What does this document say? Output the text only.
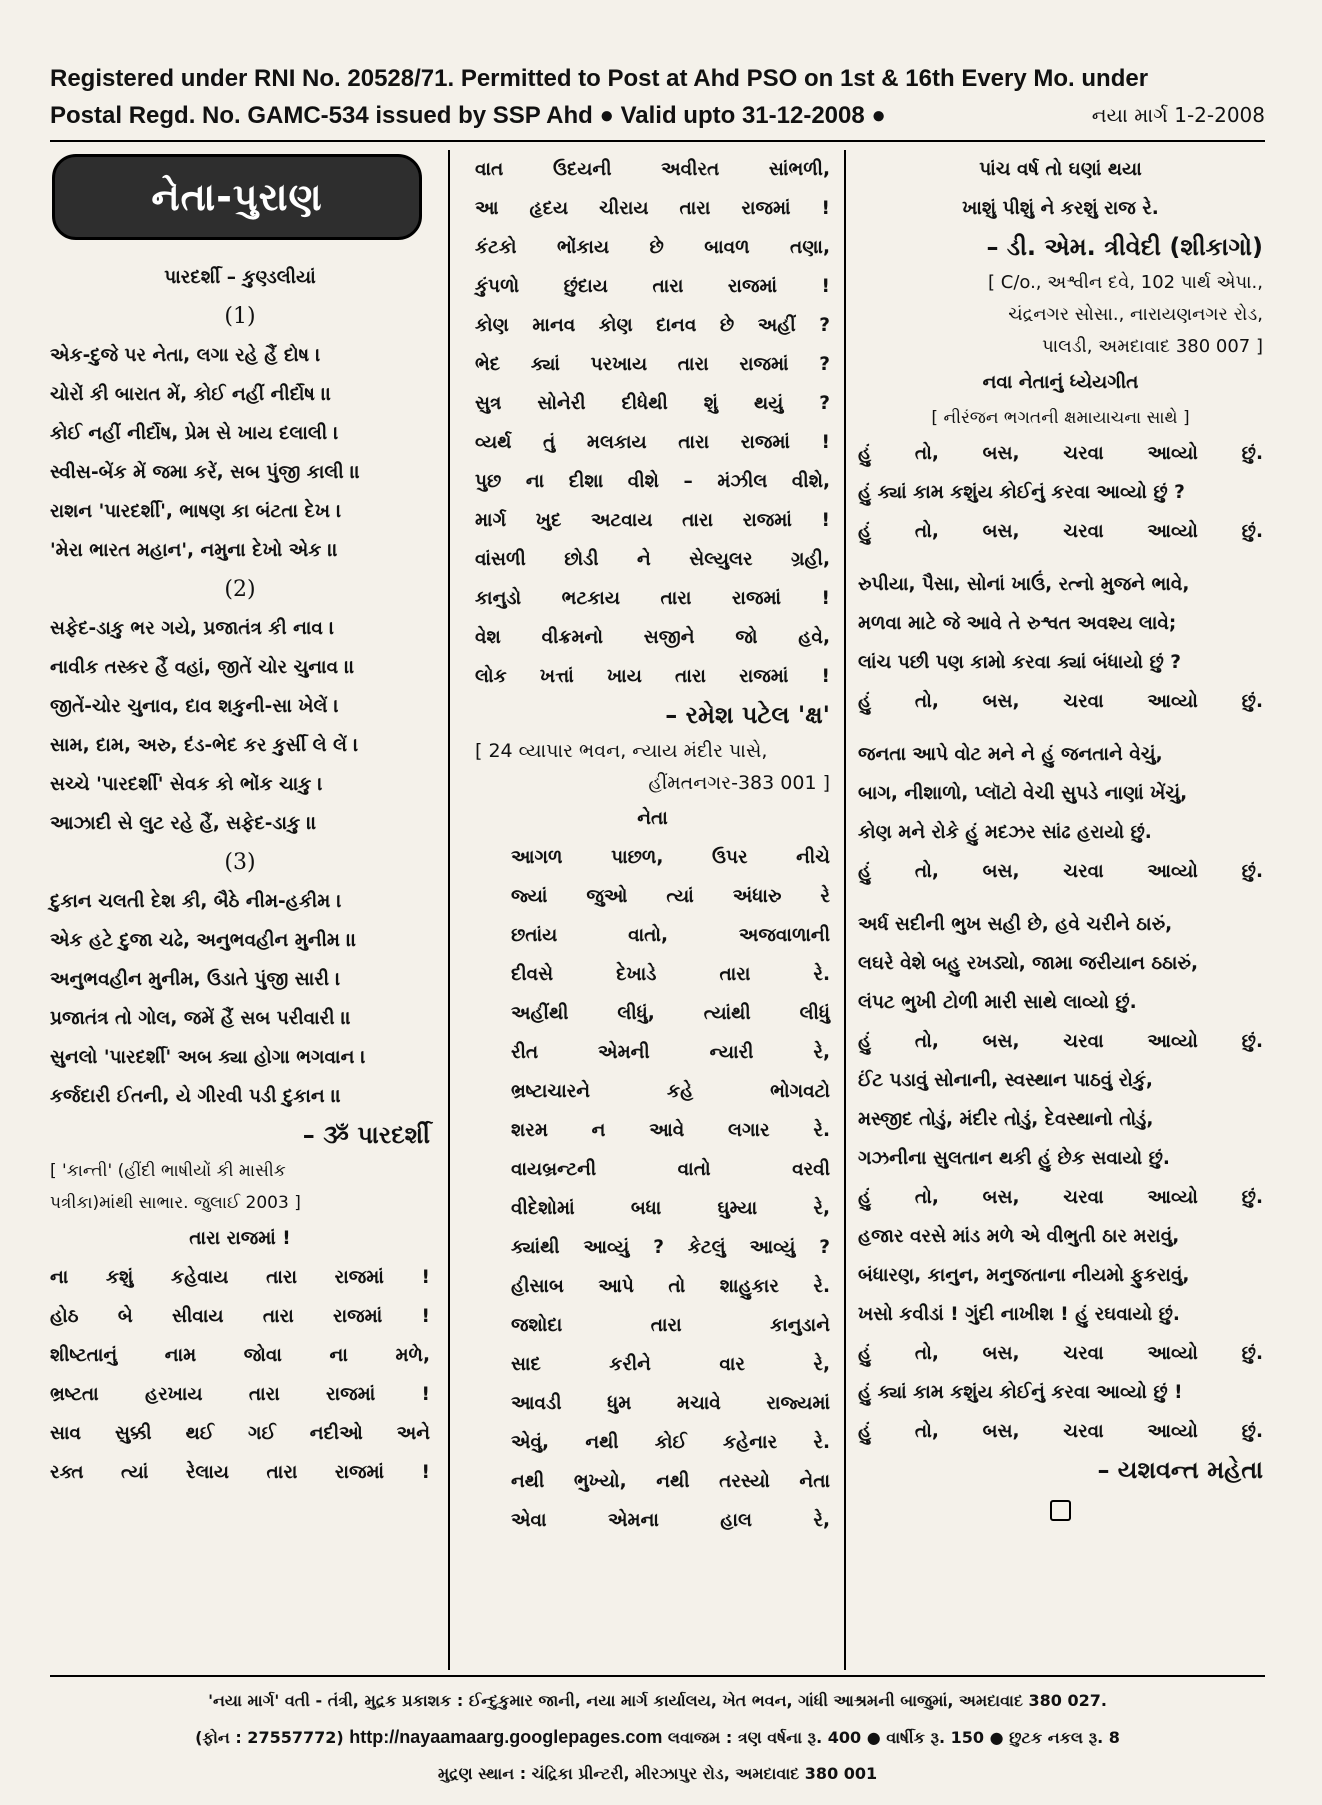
Registered under RNI No. 20528/71. Permitted to Post at Ahd PSO on 1st & 16th Every Mo. under
Postal Regd. No. GAMC-534 issued by SSP Ahd ● Valid upto 31-12-2008 ●	નયા માર્ગ 1-2-2008
નેતા-પુરાણ

પારદર્શી – કુણ્ડલીયાં

(1)

એક-દુજે પર નેતા, લગા રહે હૈં દોષ ।

ચોરોં કી બારાત મેં, કોઈ નહીં નીર્દોષ ।।

કોઈ નહીં નીર્દોષ, પ્રેમ સે ખાય દલાલી ।

સ્વીસ-બેંક મેં જમા કરેં, સબ પુંજી કાલી ।।

રાશન 'પારદર્શી', ભાષણ કા બંટતા દેખ ।

'મેરા ભારત મહાન', નમુના દેખો એક ।।

(2)

સફેદ-ડાકુ ભર ગયે, પ્રજાતંત્ર કી નાવ ।

નાવીક તસ્કર હૈં વહાં, જીતેં ચોર ચુનાવ ।।

જીતેં-ચોર ચુનાવ, દાવ શકુની-સા ખેલેં ।

સામ, દામ, અરુ, દંડ-ભેદ કર કુર્સી લે લેં ।

સચ્ચે 'પારદર્શી' સેવક કો ભોંક ચાકુ ।

આઝાદી સે લુટ રહે હૈં, સફેદ-ડાકુ ।।

(3)

દુકાન ચલતી દેશ કી, બૈઠે નીમ-હકીમ ।

એક હટે દુજા ચઢે, અનુભવહીન મુનીમ ।।

અનુભવહીન મુનીમ, ઉડાતે પુંજી સારી ।

પ્રજાતંત્ર તો ગોલ, જમેં હૈં સબ પરીવારી ।।

સુનલો 'પારદર્શી' અબ ક્યા હોગા ભગવાન ।

કર્જદારી ઈતની, યે ગીરવી પડી દુકાન ।।

– ૐ પારદર્શી

[ 'કાન્તી' (હીંદી ભાષીયોં કી માસીક

પત્રીકા)માંથી સાભાર. જુલાઈ 2003 ]

તારા રાજમાં !

ના કશું કહેવાય તારા રાજમાં !

હોઠ બે સીવાય તારા રાજમાં !

શીષ્ટતાનું નામ જોવા ના મળે,

ભ્રષ્ટતા હરખાય તારા રાજમાં !

સાવ સુક્કી થઈ ગઈ નદીઓ અને

રક્ત ત્યાં રેલાય તારા રાજમાં !

વાત ઉદયની અવીરત સાંભળી,

આ હૃદય ચીરાય તારા રાજમાં !

કંટકો ભોંકાય છે બાવળ તણા,

કુંપળો છુંદાય તારા રાજમાં !

કોણ માનવ કોણ દાનવ છે અહીં ?

ભેદ ક્યાં પરખાય તારા રાજમાં ?

સુત્ર સોનેરી દીધેથી શું થયું ?

વ્યર્થ તું મલકાય તારા રાજમાં !

પુછ ના દીશા વીશે – મંઝીલ વીશે,

માર્ગ ખુદ અટવાય તારા રાજમાં !

વાંસળી છોડી ને સેલ્યુલર ગ્રહી,

કાનુડો ભટકાય તારા રાજમાં !

વેશ વીક્રમનો સજીને જો હવે,

લોક ખત્તાં ખાય તારા રાજમાં !

– રમેશ પટેલ 'ક્ષ'

[ 24 વ્યાપાર ભવન, ન્યાય મંદીર પાસે,

હીંમતનગર-383 001 ]

નેતા

આગળ પાછળ, ઉપર નીચે

જ્યાં જુઓ ત્યાં અંધારુ રે

છતાંય વાતો, અજવાળાની

દીવસે દેખાડે તારા રે.

અહીંથી લીધું, ત્યાંથી લીધું

રીત એમની ન્યારી રે,

ભ્રષ્ટાચારને કહે ભોગવટો

શરમ ન આવે લગાર રે.

વાયબ્રન્ટની વાતો વરવી

વીદેશોમાં બધા ઘુમ્યા રે,

ક્યાંથી આવ્યું ? કેટલું આવ્યું ?

હીસાબ આપે તો શાહુકાર રે.

જશોદા તારા કાનુડાને

સાદ કરીને વાર રે,

આવડી ધુમ મચાવે રાજ્યમાં

એવું, નથી કોઈ કહેનાર રે.

નથી ભુખ્યો, નથી તરસ્યો નેતા

એવા એમના હાલ રે,

પાંચ વર્ષ તો ઘણાં થયા

ખાશું પીશું ને કરશું રાજ રે.

– ડી. એમ. ત્રીવેદી (શીકાગો)

[ C/o., અશ્વીન દવે, 102 પાર્થ એપા.,

ચંદ્રનગર સોસા., નારાયણનગર રોડ,

પાલડી, અમદાવાદ 380 007 ]

નવા નેતાનું ધ્યેયગીત

[ નીરંજન ભગતની ક્ષમાયાચના સાથે ]

હું તો, બસ, ચરવા આવ્યો છું.

હું ક્યાં કામ કશુંય કોઈનું કરવા આવ્યો છું ?

હું તો, બસ, ચરવા આવ્યો છું.

રુપીયા, પૈસા, સોનાં ખાઉં, રત્નો મુજને ભાવે,

મળવા માટે જે આવે તે રુશ્વત અવશ્ય લાવે;

લાંચ પછી પણ કામો કરવા ક્યાં બંધાયો છું ?

હું તો, બસ, ચરવા આવ્યો છું.

જનતા આપે વોટ મને ને હું જનતાને વેચું,

બાગ, નીશાળો, પ્લૉટો વેચી સુપડે નાણાં ખેંચું,

કોણ મને રોકે હું મદઝર સાંઢ હરાયો છું.

હું તો, બસ, ચરવા આવ્યો છું.

અર્ધ સદીની ભુખ સહી છે, હવે ચરીને ઠારું,

લઘરે વેશે બહુ રખડ્યો, જામા જરીયાન ઠઠારું,

લંપટ ભુખી ટોળી મારી સાથે લાવ્યો છું.

હું તો, બસ, ચરવા આવ્યો છું.

ઈંટ પડાવું સોનાની, સ્વસ્થાન પાઠવું રોકું,

મસ્જીદ તોડું, મંદીર તોડું, દેવસ્થાનો તોડું,

ગઝનીના સુલતાન થકી હું છેક સવાયો છું.

હું તો, બસ, ચરવા આવ્યો છું.

હજાર વરસે માંડ મળે એ વીભુતી ઠાર મરાવું,

બંધારણ, કાનુન, મનુજતાના નીયમો ફુકરાવું,

ખસો કવીડાં ! ગુંદી નાખીશ ! હું રઘવાયો છું.

હું તો, બસ, ચરવા આવ્યો છું.

હું ક્યાં કામ કશુંય કોઈનું કરવા આવ્યો છું !

હું તો, બસ, ચરવા આવ્યો છું.

– યશવન્ત મહેતા

'નયા માર્ગ' વતી - તંત્રી, મુદ્રક પ્રકાશક : ઈન્દુકુમાર જાની, નયા માર્ગ કાર્યાલય, ખેત ભવન, ગાંધી આશ્રમની બાજુમાં, અમદાવાદ 380 027.
(ફોન : 27557772) http://nayaamaarg.googlepages.com લવાજમ : ત્રણ વર્ષના રૂ. 400 ● વાર્ષીક રૂ. 150 ● છુટક નકલ રૂ. 8
મુદ્રણ સ્થાન : ચંદ્રિકા પ્રીન્ટરી, મીરઝાપુર રોડ, અમદાવાદ 380 001
